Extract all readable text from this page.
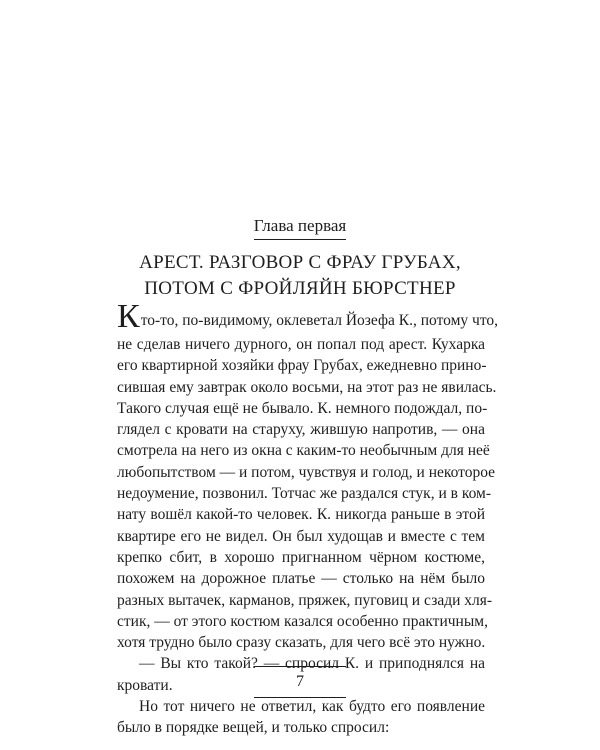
Глава первая
АРЕСТ. РАЗГОВОР С ФРАУ ГРУБАХ,
ПОТОМ С ФРОЙЛЯЙН БЮРСТНЕР
Кто-то, по-видимому, оклеветал Йозефа К., потому что,
не сделав ничего дурного, он попал под арест. Кухарка
его квартирной хозяйки фрау Грубах, ежедневно прино-
сившая ему завтрак около восьми, на этот раз не явилась.
Такого случая ещё не бывало. К. немного подождал, по-
глядел с кровати на старуху, жившую напротив, — она
смотрела на него из окна с каким-то необычным для неё
любопытством — и потом, чувствуя и голод, и некоторое
недоумение, позвонил. Тотчас же раздался стук, и в ком-
нату вошёл какой-то человек. К. никогда раньше в этой
квартире его не видел. Он был худощав и вместе с тем
крепко сбит, в хорошо пригнанном чёрном костюме,
похожем на дорожное платье — столько на нём было
разных вытачек, карманов, пряжек, пуговиц и сзади хля-
стик, — от этого костюм казался особенно практичным,
хотя трудно было сразу сказать, для чего всё это нужно.
— Вы кто такой? — спросил К. и приподнялся на
кровати.
Но тот ничего не ответил, как будто его появление
было в порядке вещей, и только спросил:
7
